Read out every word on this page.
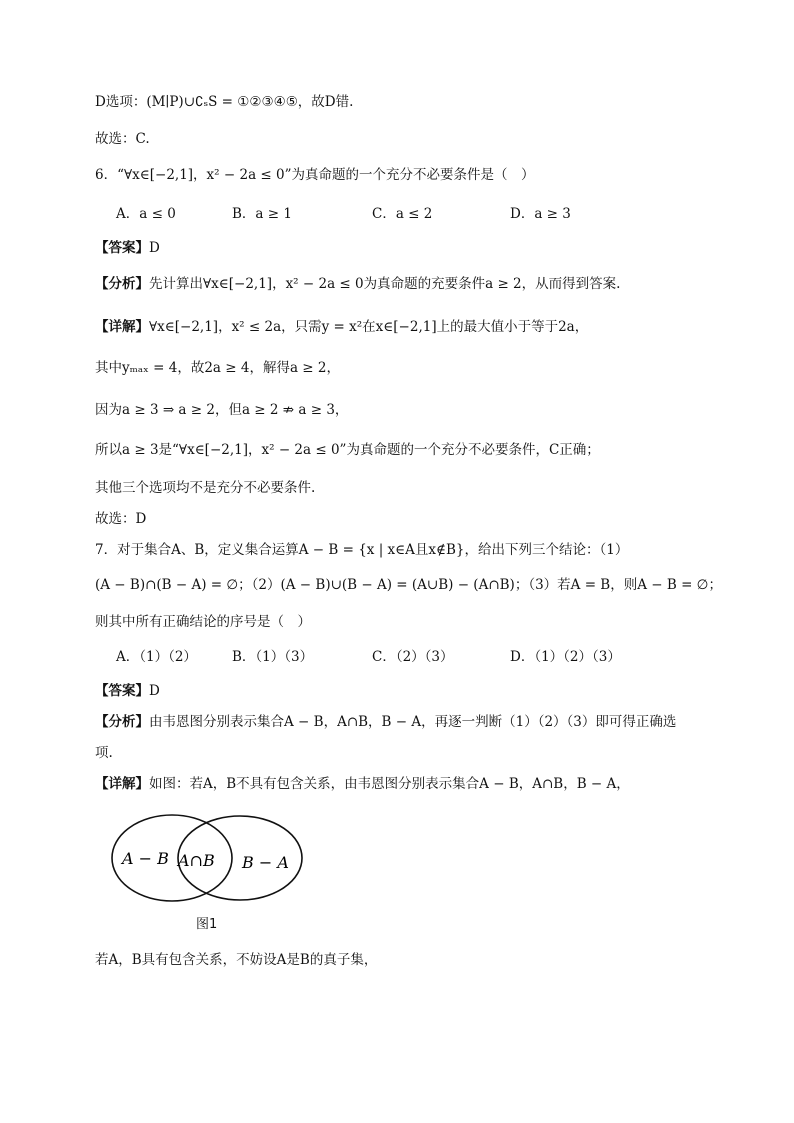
D选项：(M∣P)∪∁ₛS = ①②③④⑤，故D错.
故选：C.
6．“∀x∈[−2,1]，x² − 2a ≤ 0”为真命题的一个充分不必要条件是（　）
A．a ≤ 0	B．a ≥ 1	C．a ≤ 2	D．a ≥ 3
【答案】D
【分析】先计算出∀x∈[−2,1]，x² − 2a ≤ 0为真命题的充要条件a ≥ 2，从而得到答案.
【详解】∀x∈[−2,1]，x² ≤ 2a，只需y = x²在x∈[−2,1]上的最大值小于等于2a，
其中yₘₐₓ = 4，故2a ≥ 4，解得a ≥ 2，
因为a ≥ 3 ⇒ a ≥ 2，但a ≥ 2 ⇏ a ≥ 3，
所以a ≥ 3是“∀x∈[−2,1]，x² − 2a ≤ 0”为真命题的一个充分不必要条件，C正确；
其他三个选项均不是充分不必要条件.
故选：D
7．对于集合A、B，定义集合运算A − B = {x | x∈A且x∉B}，给出下列三个结论：（1）
(A − B)∩(B − A) = ∅；（2）(A − B)∪(B − A) = (A∪B) − (A∩B)；（3）若A = B，则A − B = ∅；
则其中所有正确结论的序号是（　）
A．（1）（2）	B．（1）（3）	C．（2）（3）	D．（1）（2）（3）
【答案】D
【分析】由韦恩图分别表示集合A − B，A∩B，B − A，再逐一判断（1）（2）（3）即可得正确选
项.
【详解】如图：若A，B不具有包含关系，由韦恩图分别表示集合A − B，A∩B，B − A，
A − B A∩B B − A
图1
若A，B具有包含关系，不妨设A是B的真子集，
